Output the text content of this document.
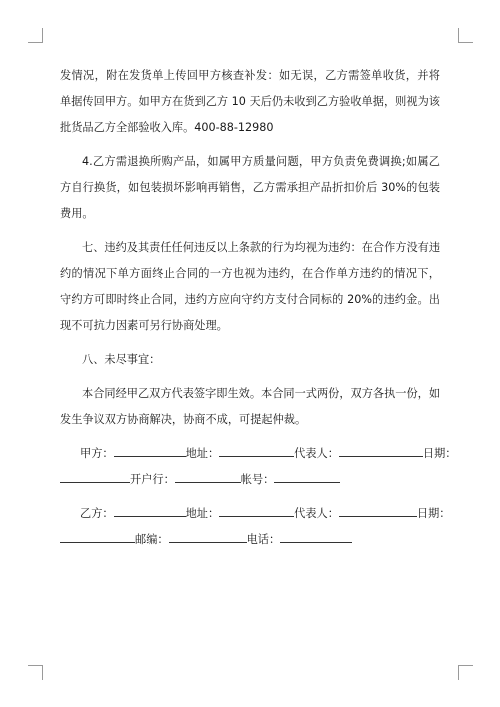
发情况，附在发货单上传回甲方核查补发：如无误，乙方需签单收货，并将单据传回甲方。如甲方在货到乙方 10 天后仍未收到乙方验收单据，则视为该批货品乙方全部验收入库。400-88-12980

4.乙方需退换所购产品，如属甲方质量问题，甲方负责免费调换;如属乙方自行换货，如包装损坏影响再销售，乙方需承担产品折扣价后 30%的包装费用。

七、违约及其责任任何违反以上条款的行为均视为违约：在合作方没有违约的情况下单方面终止合同的一方也视为违约，在合作单方违约的情况下，守约方可即时终止合同，违约方应向守约方支付合同标的 20%的违约金。出现不可抗力因素可另行协商处理。

八、未尽事宜：

本合同经甲乙双方代表签字即生效。本合同一式两份，双方各执一份，如发生争议双方协商解决，协商不成，可提起仲裁。

甲方：	地址：	代表人：	日期：
开户行：	帐号：
乙方：	地址：	代表人：	日期：
邮编：	电话：
